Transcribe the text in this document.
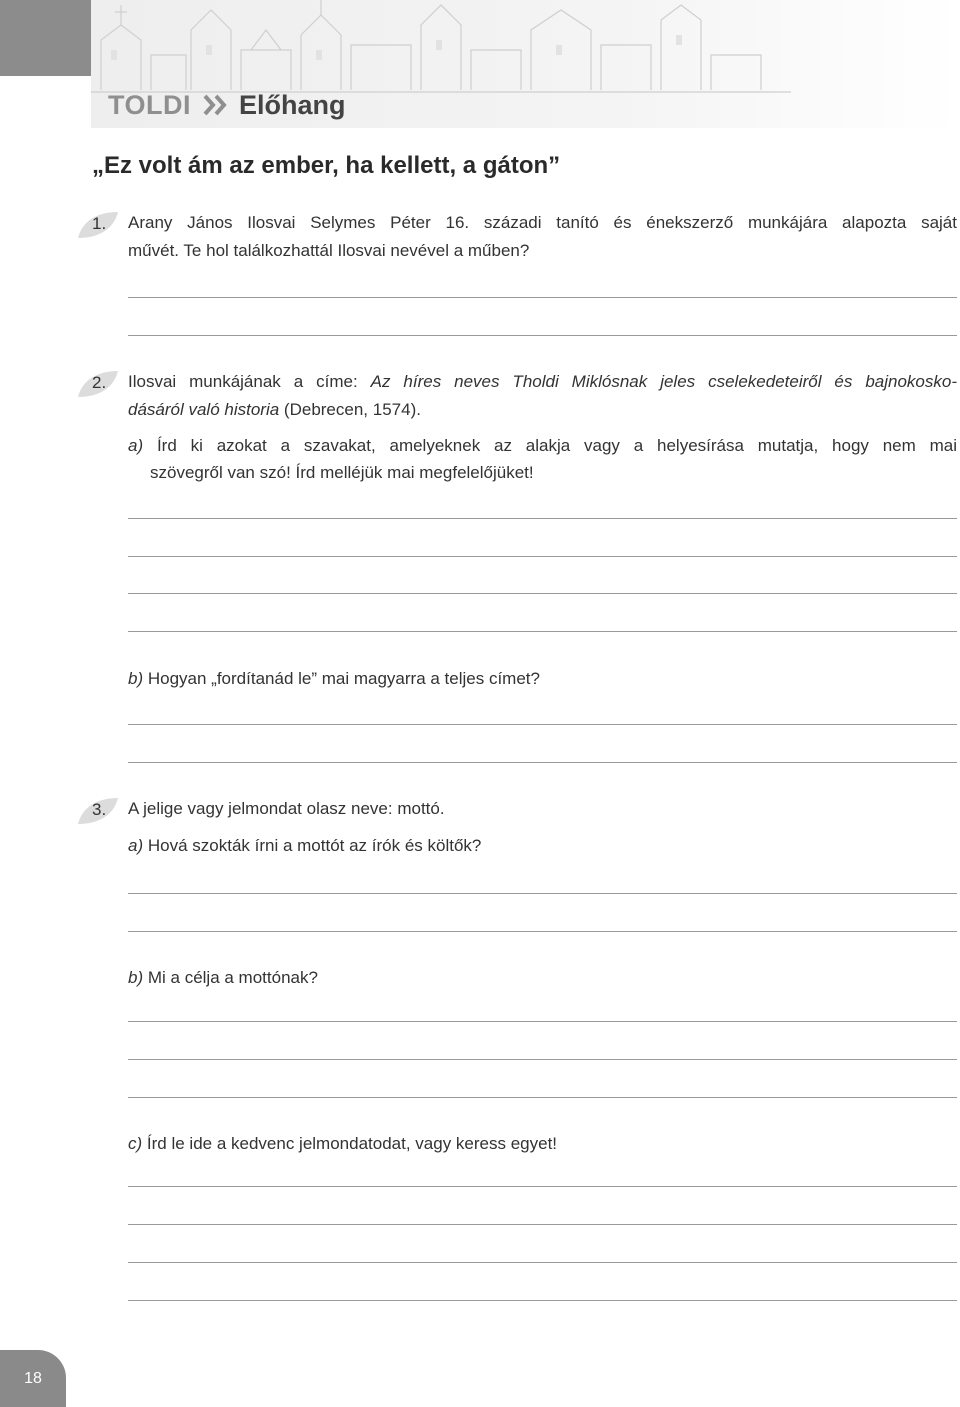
TOLDI Előhang
„Ez volt ám az ember, ha kellett, a gáton”
1. Arany János Ilosvai Selymes Péter 16. századi tanító és énekszerző munkájára alapozta saját
művét. Te hol találkozhattál Ilosvai nevével a műben?
2. Ilosvai munkájának a címe: Az híres neves Tholdi Miklósnak jeles cselekedeteiről és bajnokosko-
dásáról való historia (Debrecen, 1574).
a) Írd ki azokat a szavakat, amelyeknek az alakja vagy a helyesírása mutatja, hogy nem mai
szövegről van szó! Írd melléjük mai megfelelőjüket!
b) Hogyan „fordítanád le” mai magyarra a teljes címet?
3. A jelige vagy jelmondat olasz neve: mottó.
a) Hová szokták írni a mottót az írók és költők?
b) Mi a célja a mottónak?
c) Írd le ide a kedvenc jelmondatodat, vagy keress egyet!
18
